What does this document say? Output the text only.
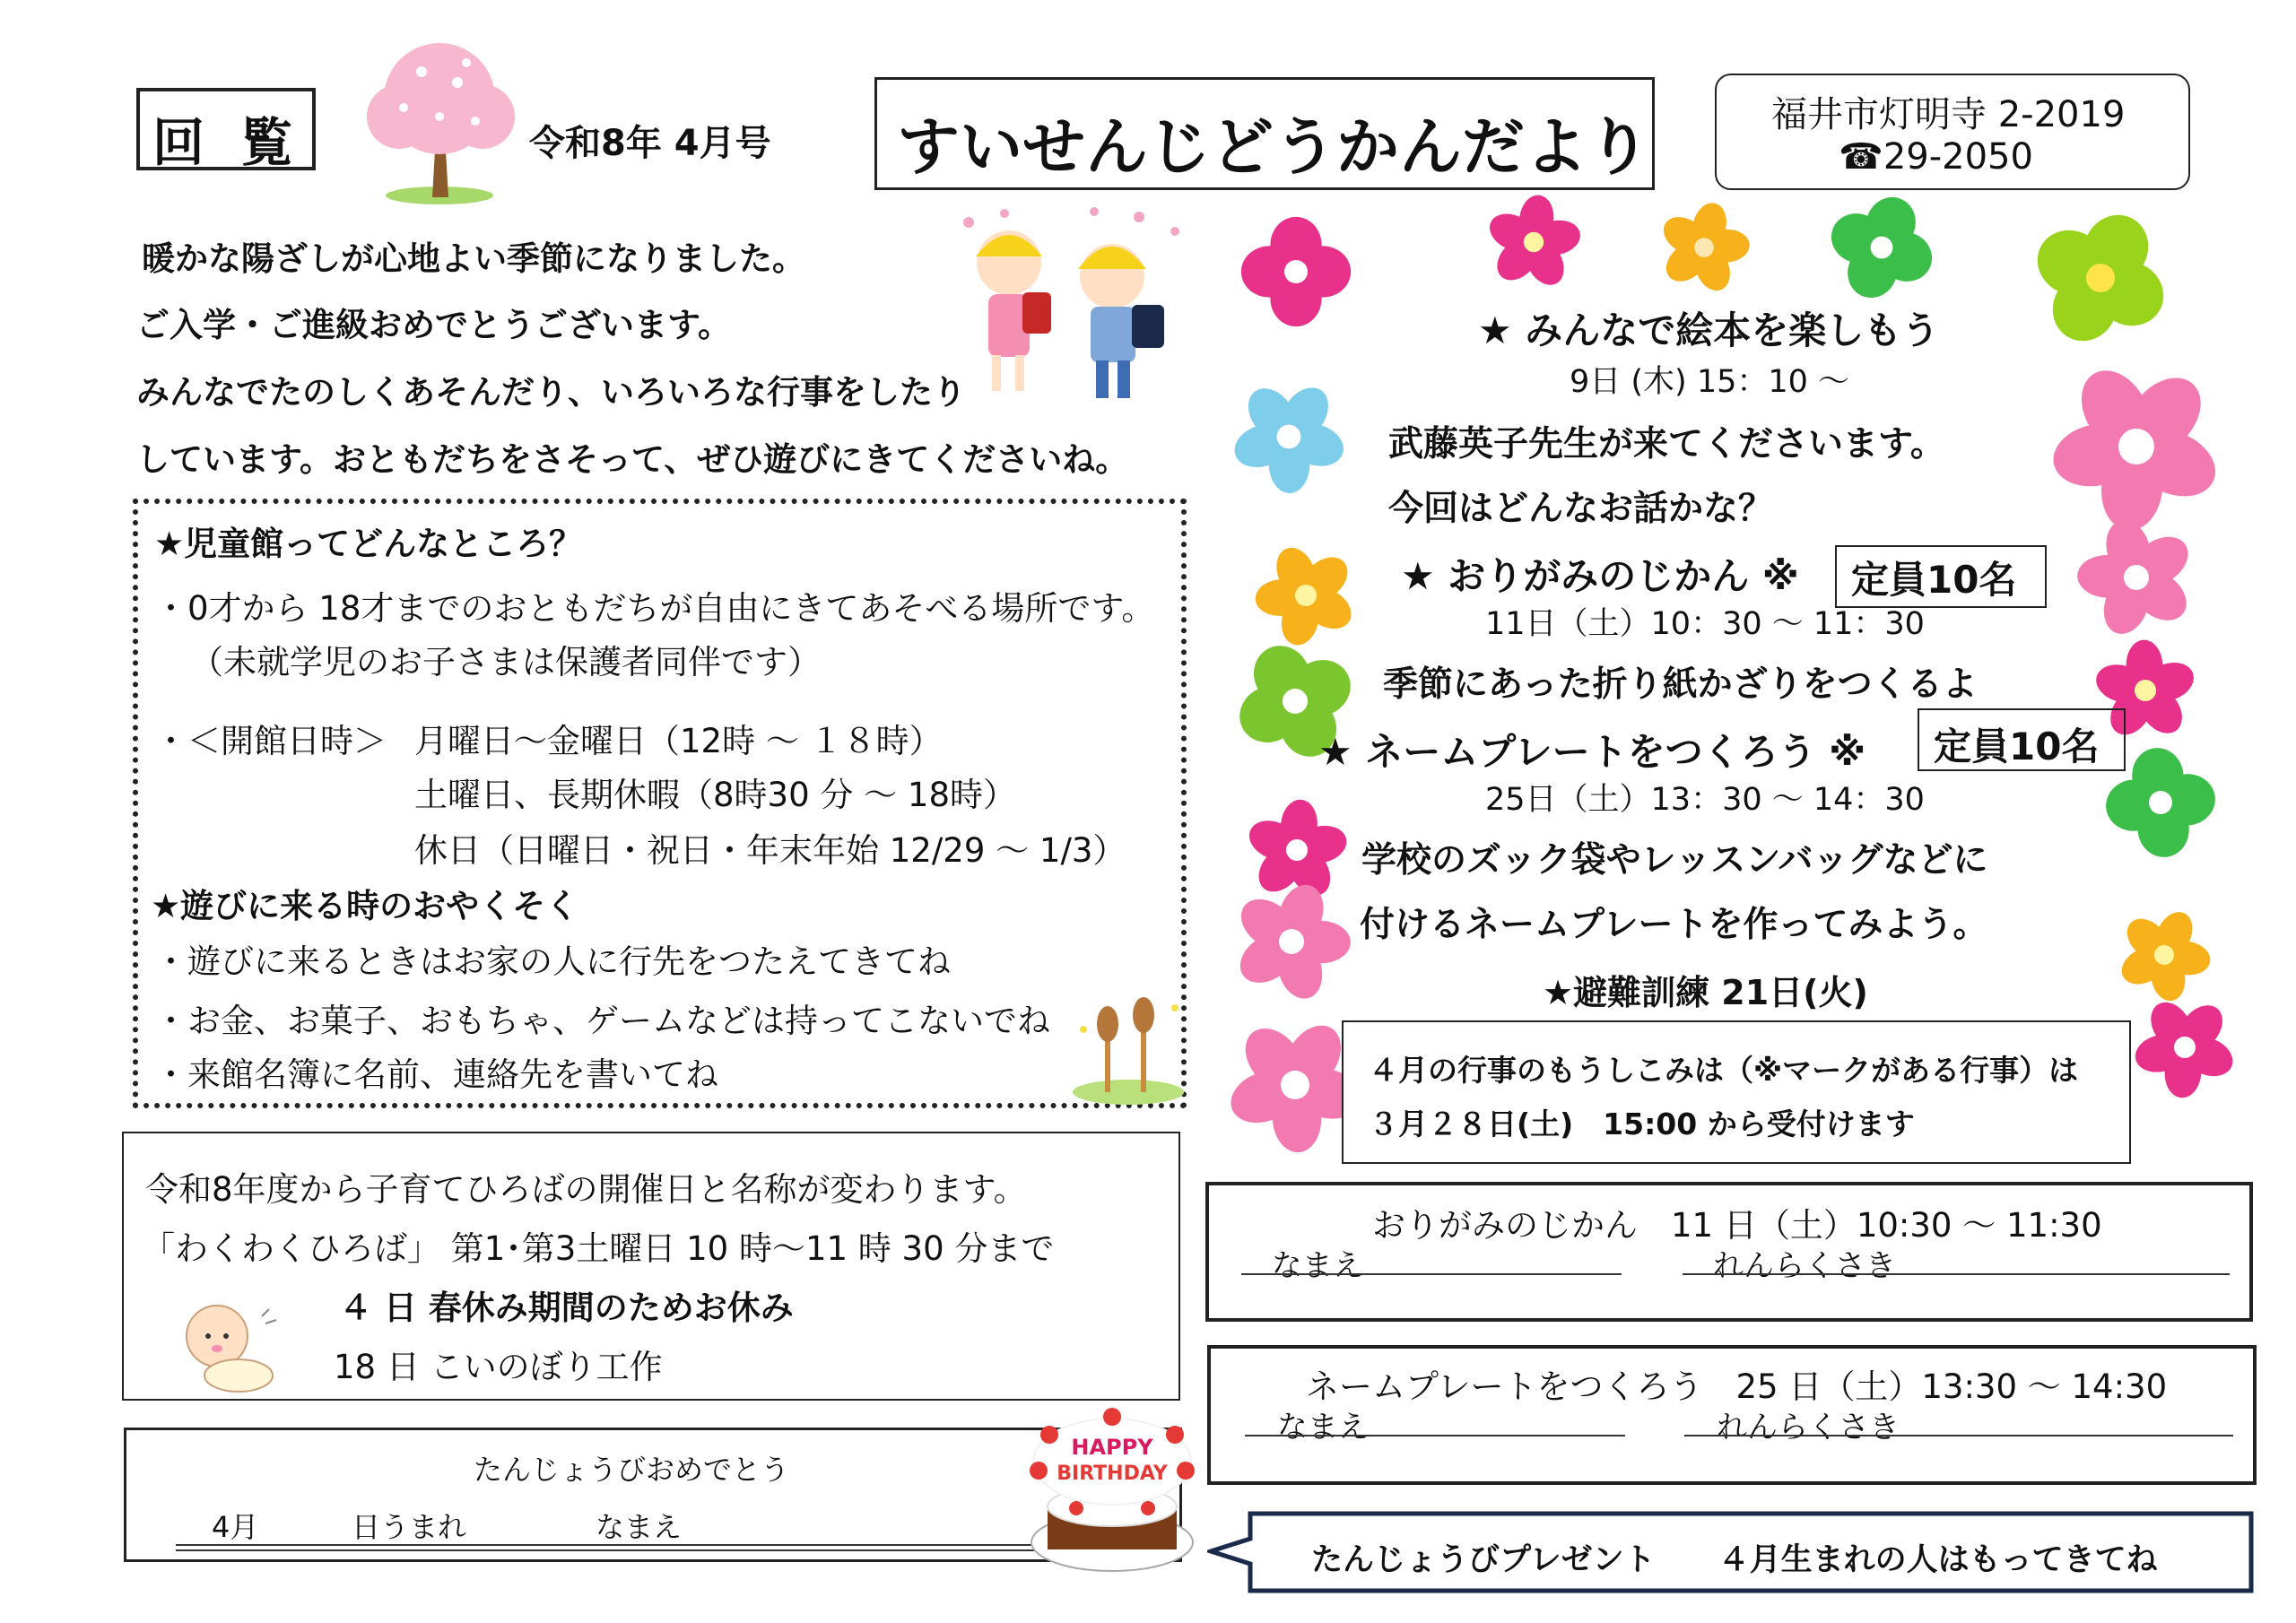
回 覧	令和8年 4月号 すいせんじどうかんだより	福井市灯明寺 2-2019
☎29-2050
暖かな陽ざしが心地よい季節になりました。
ご入学・ご進級おめでとうございます。
みんなでたのしくあそんだり、いろいろな行事をしたり
しています。おともだちをさそって、ぜひ遊びにきてくださいね。
★児童館ってどんなところ？
・0才から 18才までのおともだちが自由にきてあそべる場所です。
（未就学児のお子さまは保護者同伴です）
・＜開館日時＞ 月曜日～金曜日（12時 ～ １８時）
土曜日、長期休暇（8時30 分 ～ 18時）
休日（日曜日・祝日・年末年始 12/29 ～ 1/3）
★遊びに来る時のおやくそく
・遊びに来るときはお家の人に行先をつたえてきてね
・お金、お菓子、おもちゃ、ゲームなどは持ってこないでね
・来館名簿に名前、連絡先を書いてね
令和8年度から子育てひろばの開催日と名称が変わります。
「わくわくひろば」 第1･第3土曜日 10 時～11 時 30 分まで
４ 日 春休み期間のためお休み
18 日 こいのぼり工作
たんじょうびおめでとう
4月	日うまれ	なまえ
HAPPY
BIRTHDAY
★ みんなで絵本を楽しもう
9日 (木) 15：10 ～
武藤英子先生が来てくださいます。
今回はどんなお話かな？
★ おりがみのじかん ※ 定員10名
11日（土）10：30 ～ 11：30
季節にあった折り紙かざりをつくるよ
★ ネームプレートをつくろう ※ 定員10名
25日（土）13：30 ～ 14：30
学校のズック袋やレッスンバッグなどに
付けるネームプレートを作ってみよう。
★避難訓練 21日(火)
４月の行事のもうしこみは（※マークがある行事）は
３月２８日(土)　15:00 から受付けます
おりがみのじかん　11 日（土）10:30 ～ 11:30
なまえ	れんらくさき
ネームプレートをつくろう　25 日（土）13:30 ～ 14:30
なまえ	れんらくさき
たんじょうびプレゼント　　４月生まれの人はもってきてね
